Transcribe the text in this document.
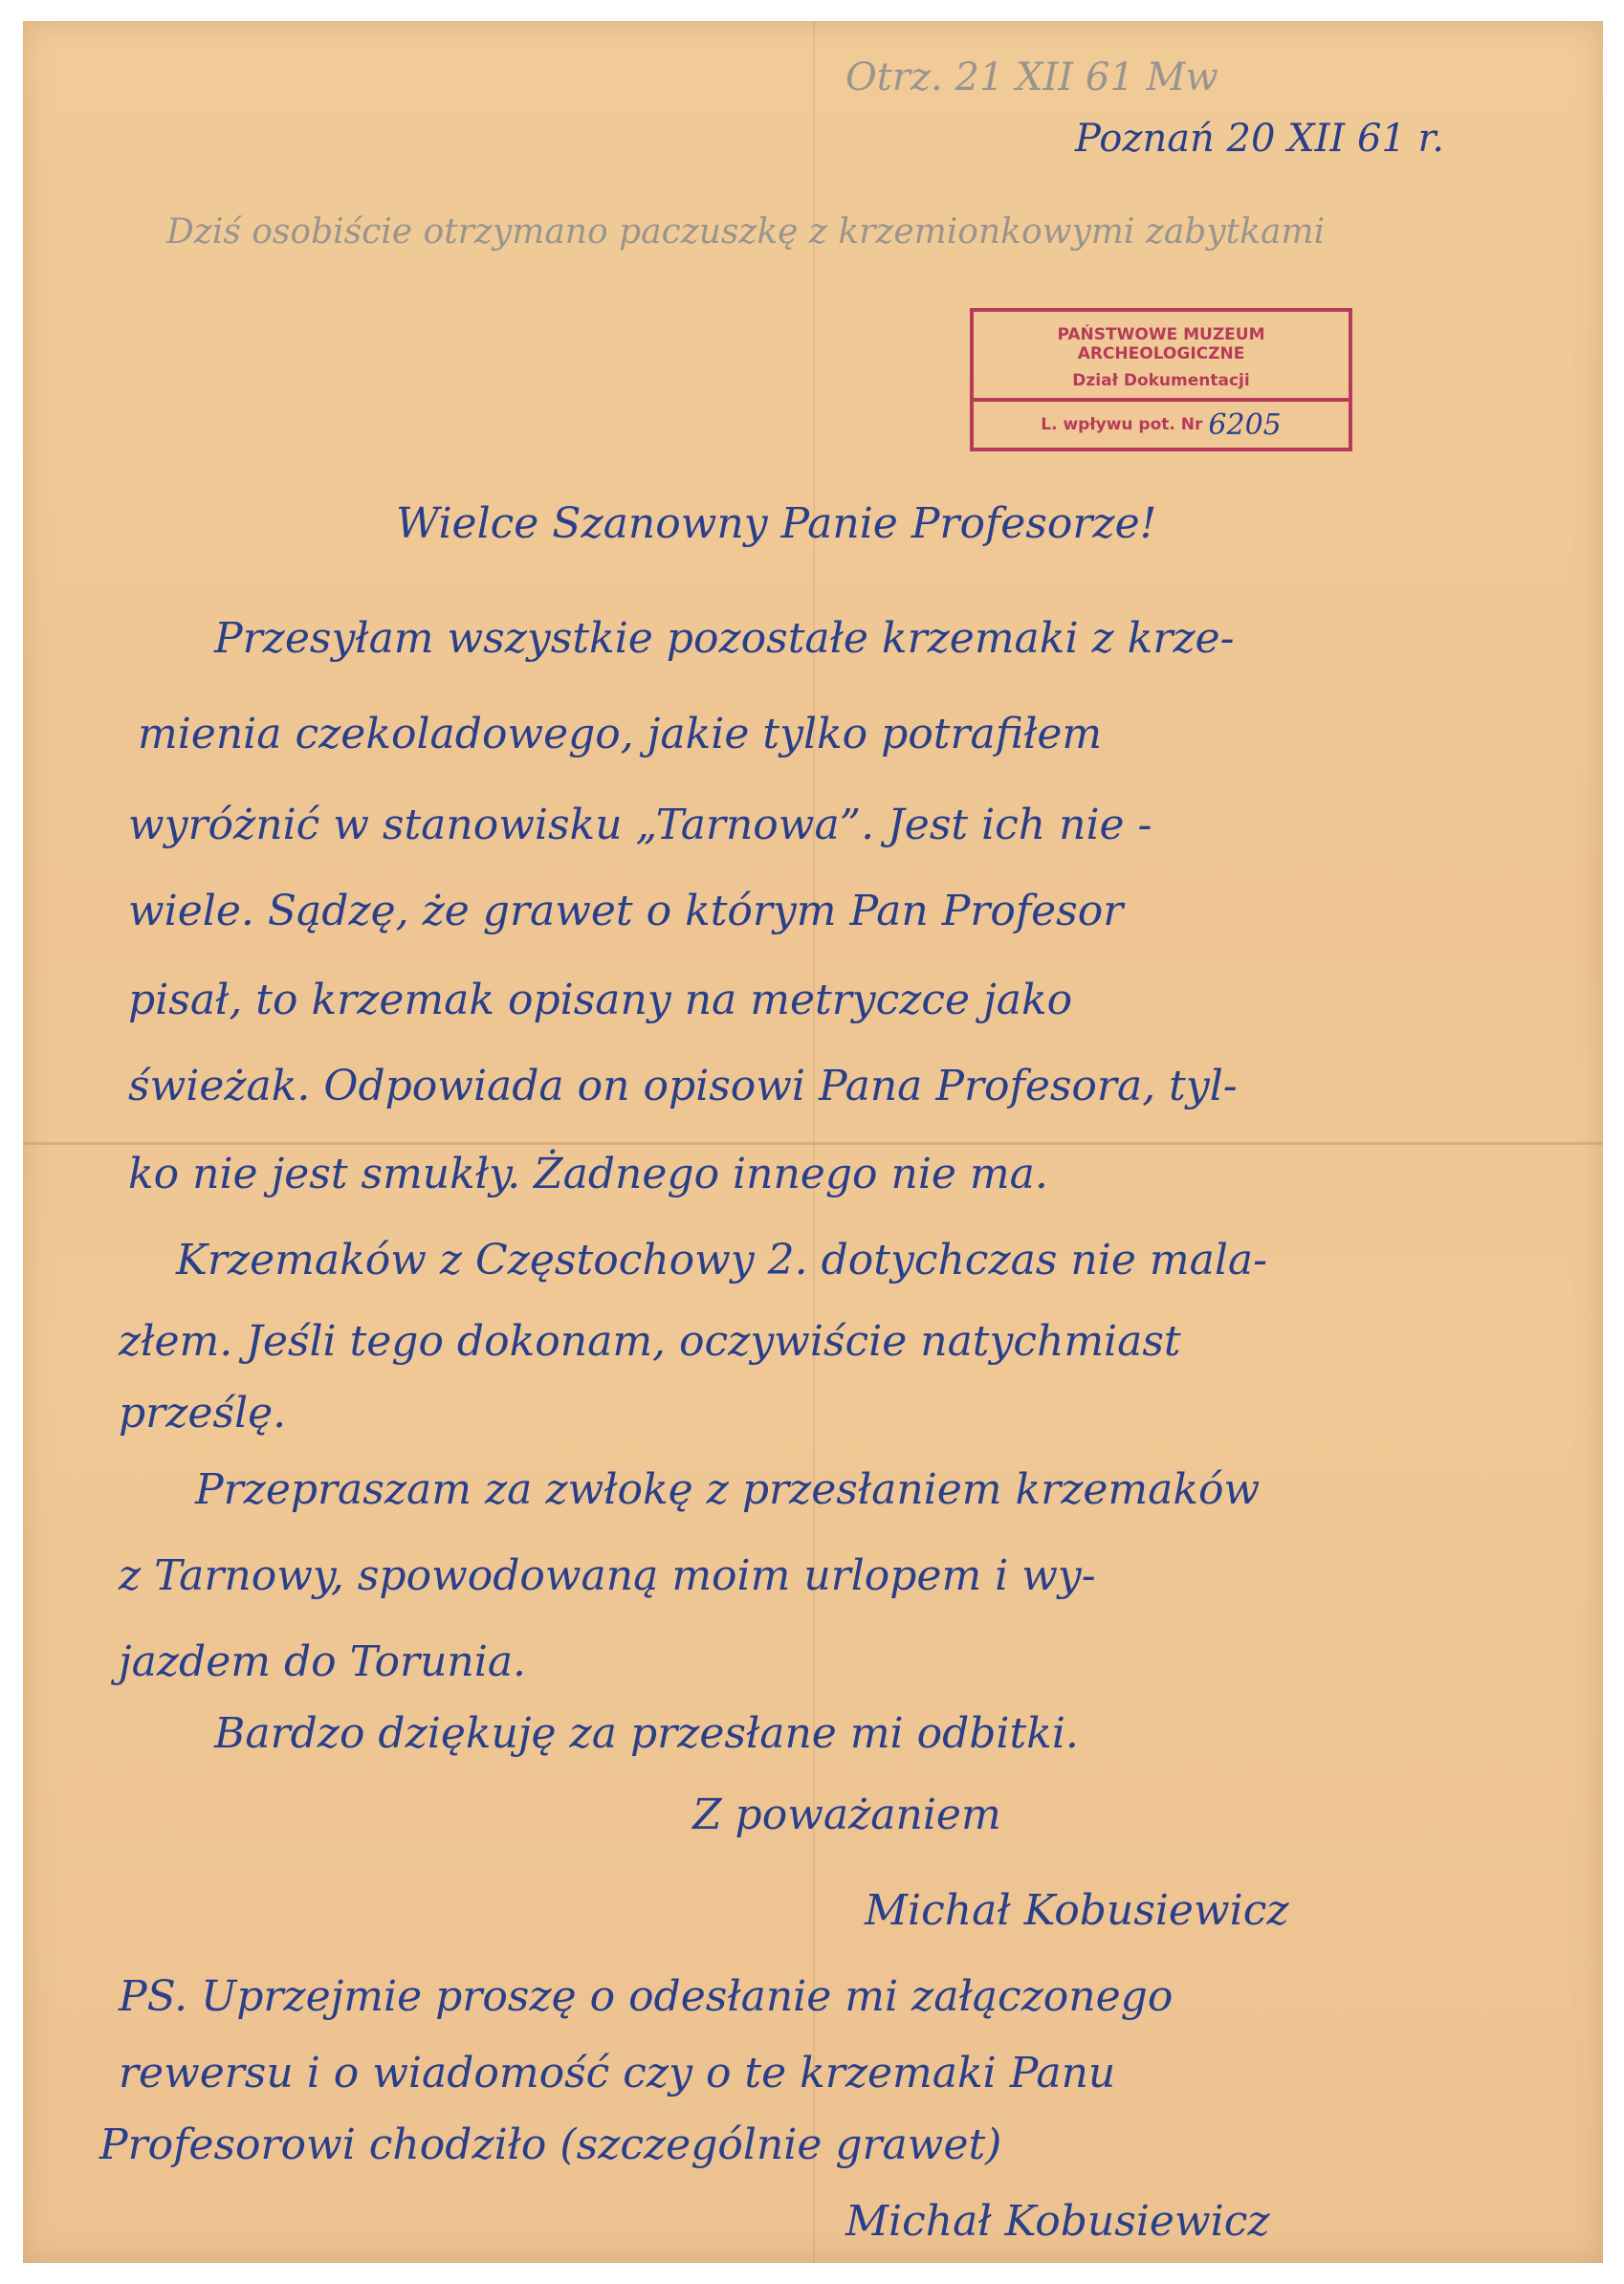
Otrz. 21 XII 61 Mw
Poznań 20 XII 61 r.
Dziś osobiście otrzymano paczuszkę z krzemionkowymi zabytkami
PAŃSTWOWE MUZEUM ARCHEOLOGICZNE
Dział Dokumentacji
L. wpływu pot. Nr 6205
Wielce Szanowny Panie Profesorze!
Przesyłam wszystkie pozostałe krzemaki z krze-
mienia czekoladowego, jakie tylko potrafiłem
wyróżnić w stanowisku „Tarnowa”. Jest ich nie -
wiele. Sądzę, że grawet o którym Pan Profesor
pisał, to krzemak opisany na metryczce jako
świeżak. Odpowiada on opisowi Pana Profesora, tyl-
ko nie jest smukły. Żadnego innego nie ma.
Krzemaków z Częstochowy 2. dotychczas nie mala-
złem. Jeśli tego dokonam, oczywiście natychmiast
prześlę.
Przepraszam za zwłokę z przesłaniem krzemaków
z Tarnowy, spowodowaną moim urlopem i wy-
jazdem do Torunia.
Bardzo dziękuję za przesłane mi odbitki.
Z poważaniem
Michał Kobusiewicz
PS. Uprzejmie proszę o odesłanie mi załączonego
rewersu i o wiadomość czy o te krzemaki Panu
Profesorowi chodziło (szczególnie grawet)
Michał Kobusiewicz
